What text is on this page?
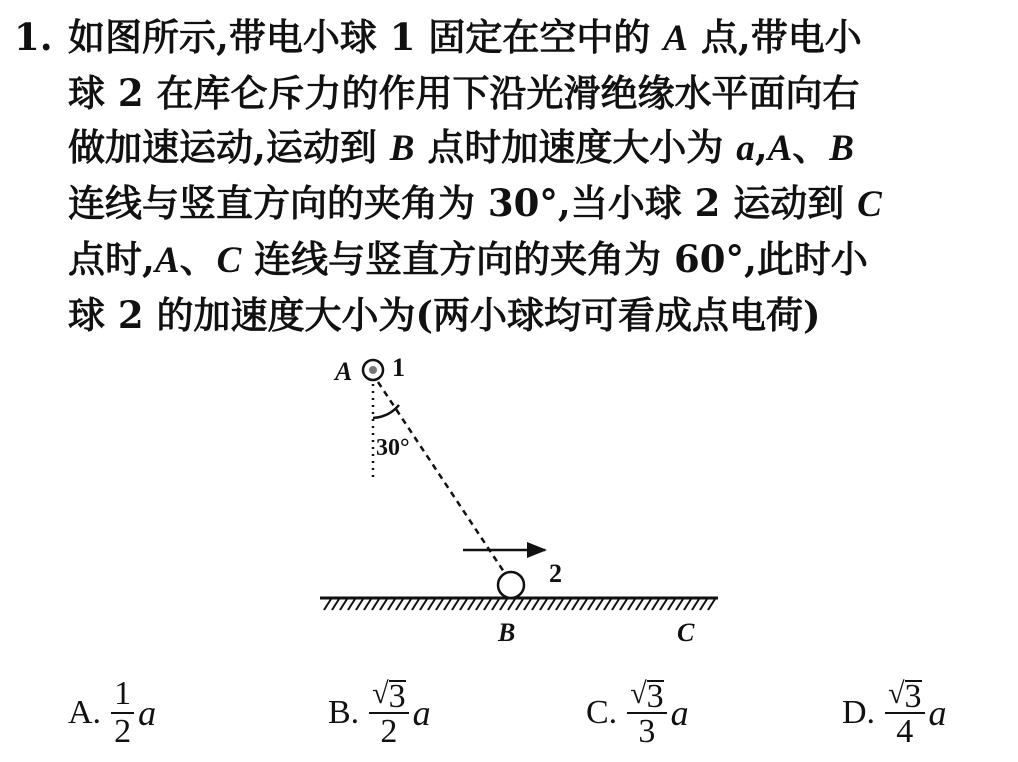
1. 如图所示,带电小球 1 固定在空中的 A 点,带电小
球 2 在库仑斥力的作用下沿光滑绝缘水平面向右
做加速运动,运动到 B 点时加速度大小为 a,A、B
连线与竖直方向的夹角为 30°,当小球 2 运动到 C
点时,A、C 连线与竖直方向的夹角为 60°,此时小
球 2 的加速度大小为(两小球均可看成点电荷)
A 1
30°
2
B	C
A. $\frac{1}{2}$ a	B. $\frac{√ 3}{2}$ a	C. $\frac{√ 3}{3}$ a	D. $\frac{√ 3}{4}$ a
